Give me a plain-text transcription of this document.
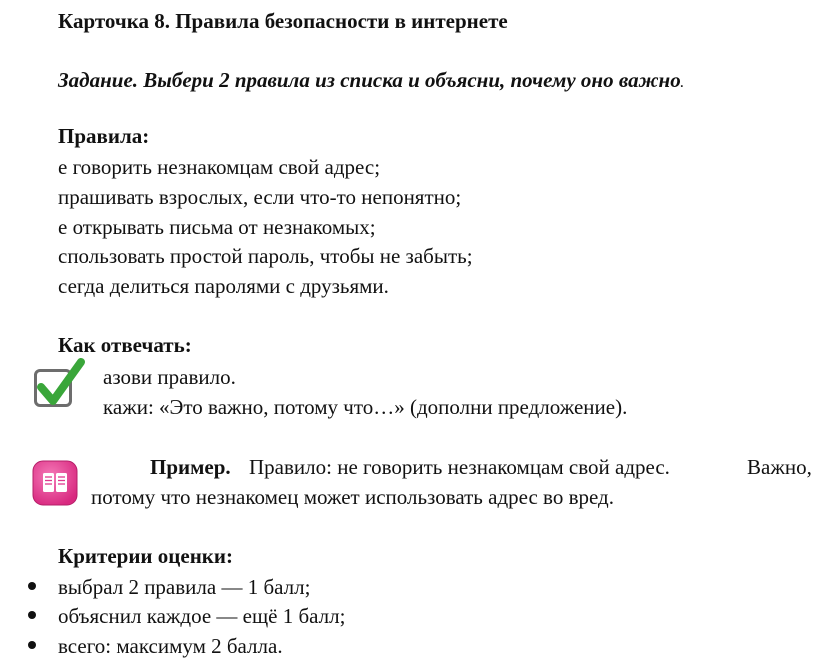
Карточка 8. Правила безопасности в интернете
Задание. Выбери 2 правила из списка и объясни, почему оно важно.
Правила:
е говорить незнакомцам свой адрес;
прашивать взрослых, если что-то непонятно;
е открывать письма от незнакомых;
спользовать простой пароль, чтобы не забыть;
сегда делиться паролями с друзьями.
Как отвечать:
азови правило.
кажи: «Это важно, потому что…» (дополни предложение).
Пример. Правило: не говорить незнакомцам свой адрес.	Важно,
потому что незнакомец может использовать адрес во вред.
Критерии оценки:
выбрал 2 правила — 1 балл;
объяснил каждое — ещё 1 балл;
всего: максимум 2 балла.
